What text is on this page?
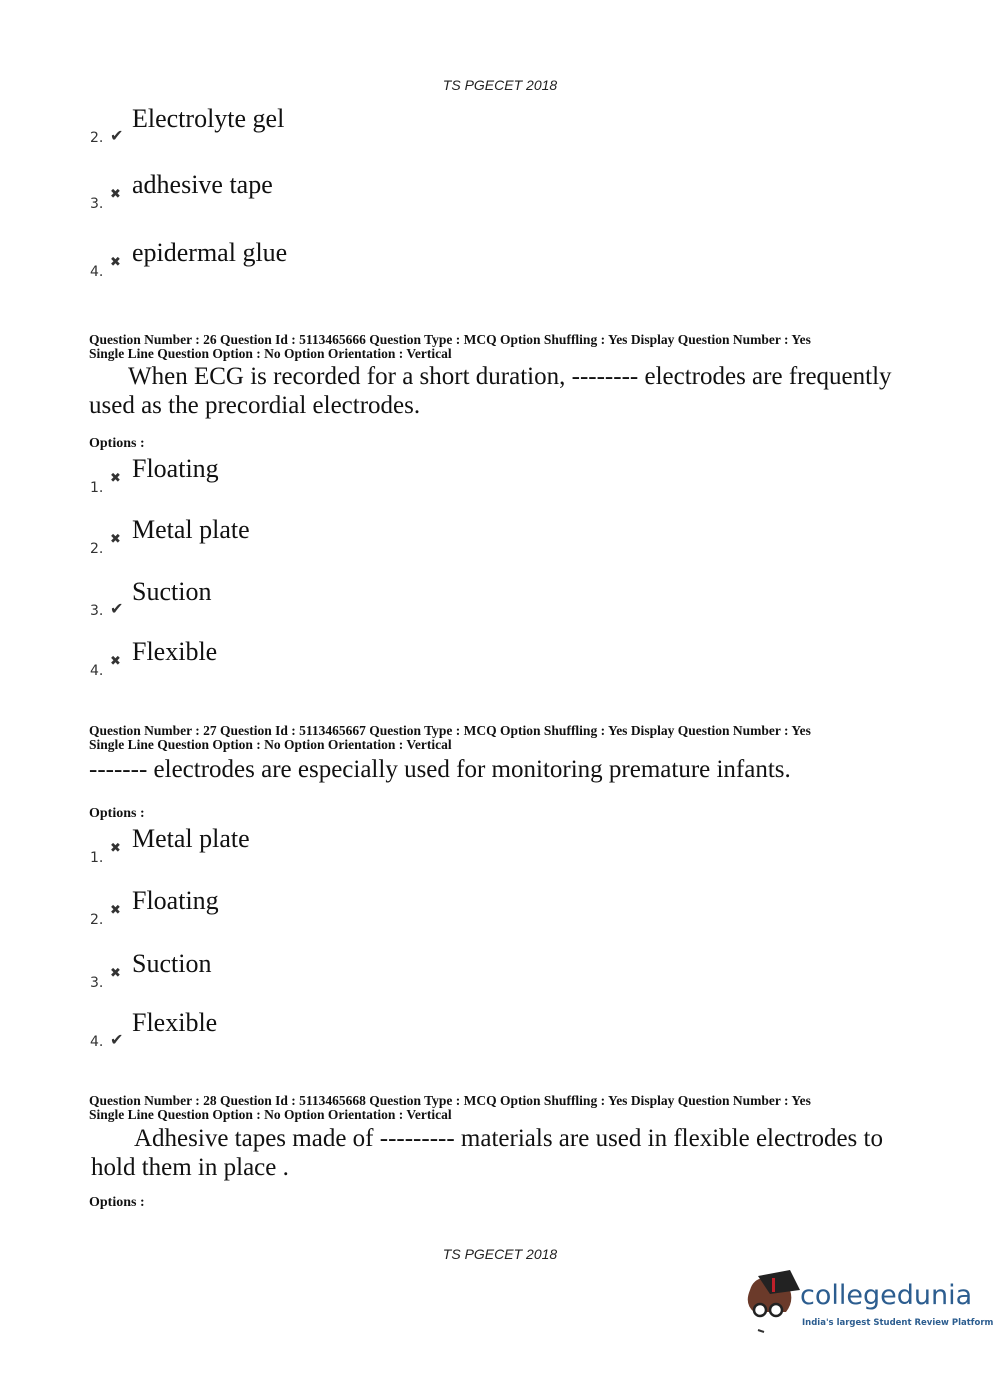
TS PGECET 2018
2. ✔
Electrolyte gel
3.
✖ adhesive tape
4.
✖ epidermal glue
Question Number : 26 Question Id : 5113465666 Question Type : MCQ Option Shuffling : Yes Display Question Number : Yes
Single Line Question Option : No Option Orientation : Vertical
When ECG is recorded for a short duration, -------- electrodes are frequently used as the precordial electrodes.
Options :
1.
✖ Floating
2.
✖ Metal plate
3. ✔
Suction
4.
✖ Flexible
Question Number : 27 Question Id : 5113465667 Question Type : MCQ Option Shuffling : Yes Display Question Number : Yes
Single Line Question Option : No Option Orientation : Vertical
------- electrodes are especially used for monitoring premature infants.
Options :
1.
✖ Metal plate
2.
✖ Floating
3.
✖ Suction
4. ✔
Flexible
Question Number : 28 Question Id : 5113465668 Question Type : MCQ Option Shuffling : Yes Display Question Number : Yes
Single Line Question Option : No Option Orientation : Vertical
Adhesive tapes made of --------- materials are used in flexible electrodes to hold them in place .
Options :
TS PGECET 2018
collegedunia
India's largest Student Review Platform
